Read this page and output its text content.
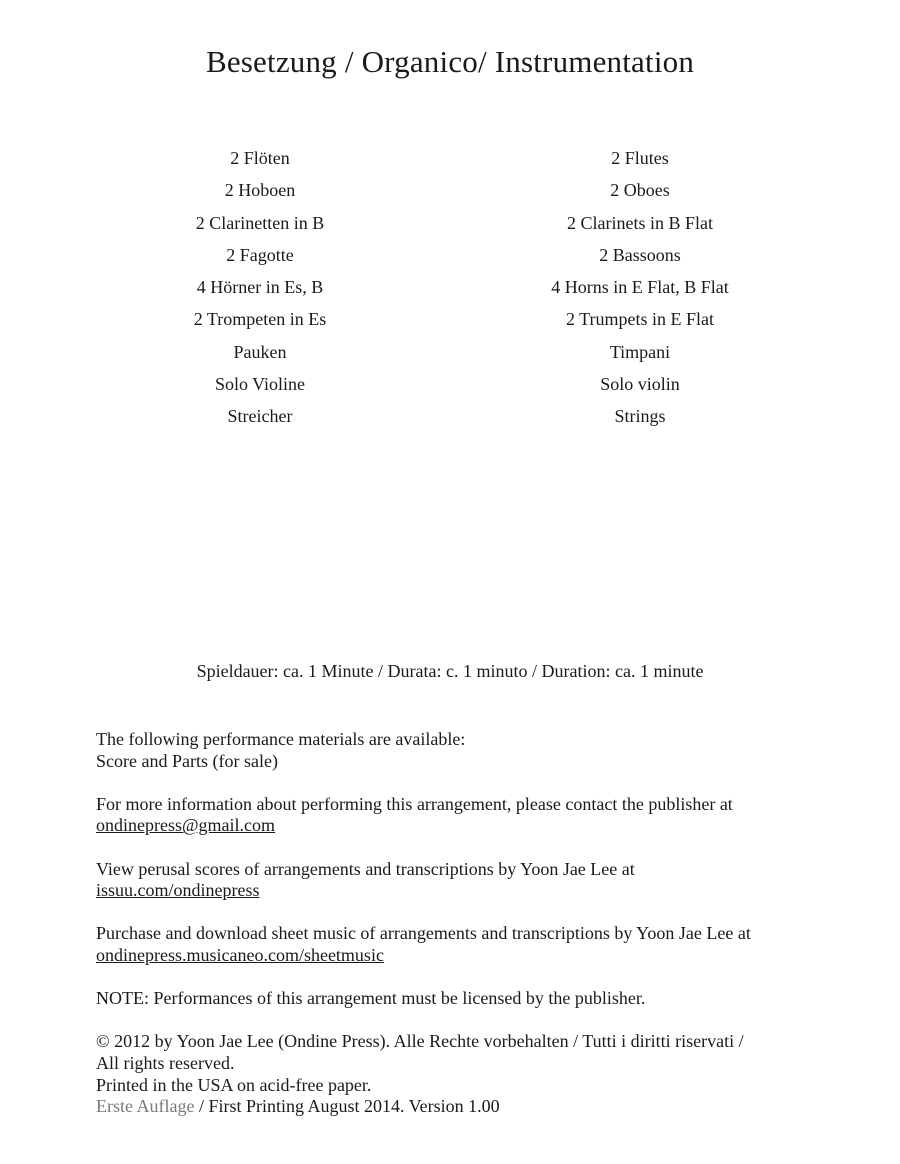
Besetzung / Organico/ Instrumentation
2 Flöten
2 Hoboen
2 Clarinetten in B
2 Fagotte
4 Hörner in Es, B
2 Trompeten in Es
Pauken
Solo Violine
Streicher
2 Flutes
2 Oboes
2 Clarinets in B Flat
2 Bassoons
4 Horns in E Flat, B Flat
2 Trumpets in E Flat
Timpani
Solo violin
Strings
Spieldauer: ca. 1 Minute / Durata: c. 1 minuto / Duration: ca. 1 minute

The following performance materials are available:
Score and Parts (for sale)

For more information about performing this arrangement, please contact the publisher at
ondinepress@gmail.com

View perusal scores of arrangements and transcriptions by Yoon Jae Lee at
issuu.com/ondinepress

Purchase and download sheet music of arrangements and transcriptions by Yoon Jae Lee at
ondinepress.musicaneo.com/sheetmusic

NOTE: Performances of this arrangement must be licensed by the publisher.

© 2012 by Yoon Jae Lee (Ondine Press). Alle Rechte vorbehalten / Tutti i diritti riservati /
All rights reserved.
Printed in the USA on acid-free paper.
Erste Auflage / First Printing August 2014. Version 1.00
